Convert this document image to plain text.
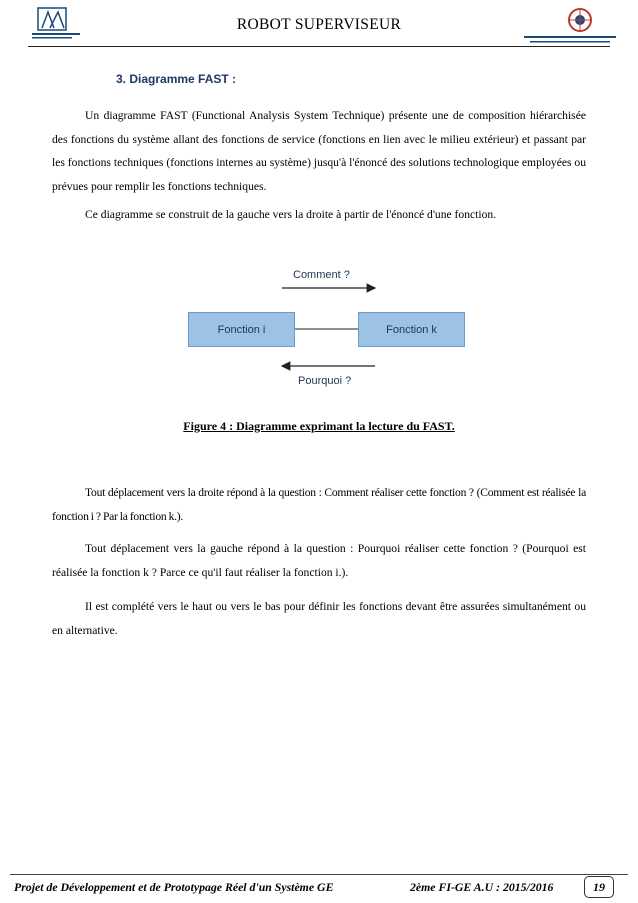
ROBOT SUPERVISEUR
3. Diagramme FAST :
Un diagramme FAST (Functional Analysis System Technique) présente une de composition hiérarchisée des fonctions du système allant des fonctions de service (fonctions en lien avec le milieu extérieur) et passant par les fonctions techniques (fonctions internes au système) jusqu'à l'énoncé des solutions technologique employées ou prévues pour remplir les fonctions techniques.
Ce diagramme se construit de la gauche vers la droite à partir de l'énoncé d'une fonction.
Comment ?
Fonction i	Fonction k
Pourquoi ?
Figure 4 : Diagramme exprimant la lecture du FAST.
Tout déplacement vers la droite répond à la question : Comment réaliser cette fonction ? (Comment est réalisée la fonction i ? Par la fonction k.).
Tout déplacement vers la gauche répond à la question : Pourquoi réaliser cette fonction ? (Pourquoi est réalisée la fonction k ? Parce ce qu'il faut réaliser la fonction i.).
Il est complété vers le haut ou vers le bas pour définir les fonctions devant être assurées simultanément ou en alternative.
Projet de Développement et de Prototypage Réel d'un Système GE	2ème FI-GE A.U : 2015/2016	19
